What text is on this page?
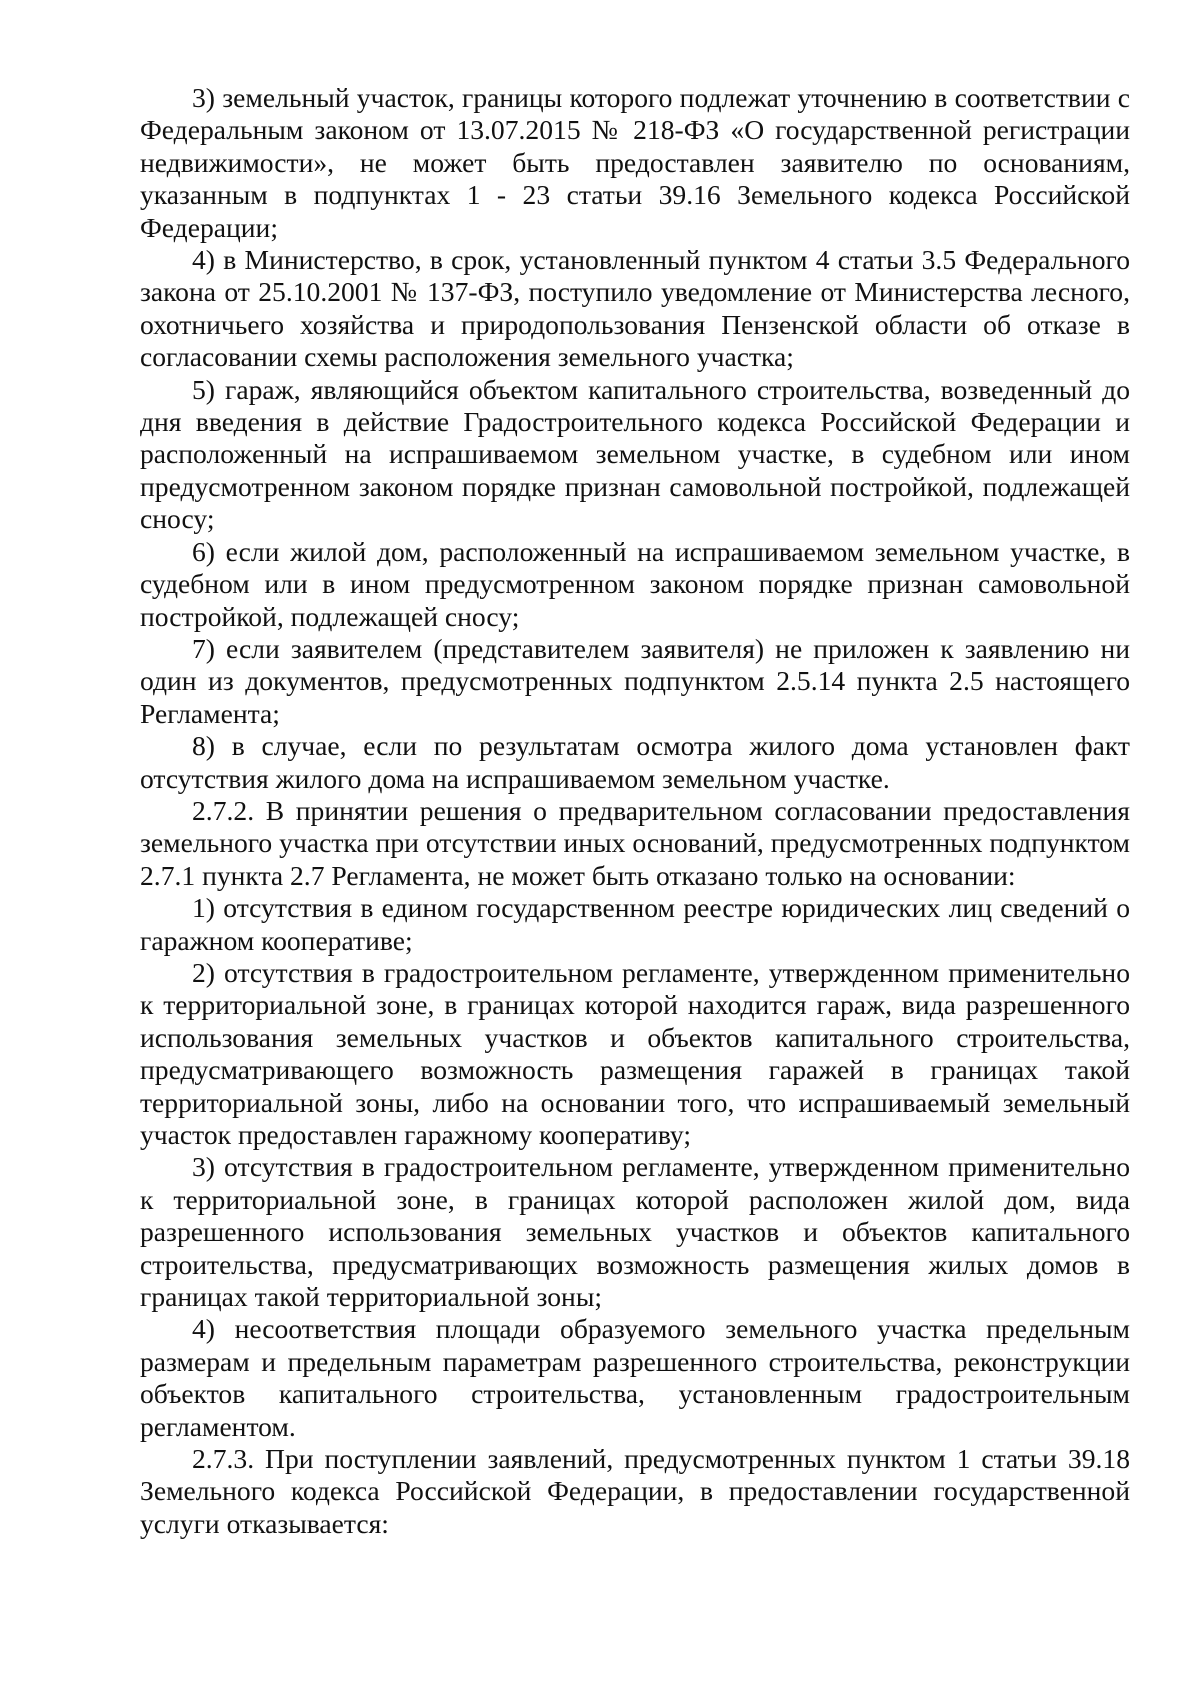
3) земельный участок, границы которого подлежат уточнению в соответствии с Федеральным законом от 13.07.2015 № 218-ФЗ «О государственной регистрации недвижимости», не может быть предоставлен заявителю по основаниям, указанным в подпунктах 1 - 23 статьи 39.16 Земельного кодекса Российской Федерации;

4) в Министерство, в срок, установленный пунктом 4 статьи 3.5 Федерального закона от 25.10.2001 № 137-ФЗ, поступило уведомление от Министерства лесного, охотничьего хозяйства и природопользования Пензенской области об отказе в согласовании схемы расположения земельного участка;

5) гараж, являющийся объектом капитального строительства, возведенный до дня введения в действие Градостроительного кодекса Российской Федерации и расположенный на испрашиваемом земельном участке, в судебном или ином предусмотренном законом порядке признан самовольной постройкой, подлежащей сносу;

6) если жилой дом, расположенный на испрашиваемом земельном участке, в судебном или в ином предусмотренном законом порядке признан самовольной постройкой, подлежащей сносу;

7) если заявителем (представителем заявителя) не приложен к заявлению ни один из документов, предусмотренных подпунктом 2.5.14 пункта 2.5 настоящего Регламента;

8) в случае, если по результатам осмотра жилого дома установлен факт отсутствия жилого дома на испрашиваемом земельном участке.

2.7.2. В принятии решения о предварительном согласовании предоставления земельного участка при отсутствии иных оснований, предусмотренных подпунктом 2.7.1 пункта 2.7 Регламента, не может быть отказано только на основании:

1) отсутствия в едином государственном реестре юридических лиц сведений о гаражном кооперативе;

2) отсутствия в градостроительном регламенте, утвержденном применительно к территориальной зоне, в границах которой находится гараж, вида разрешенного использования земельных участков и объектов капитального строительства, предусматривающего возможность размещения гаражей в границах такой территориальной зоны, либо на основании того, что испрашиваемый земельный участок предоставлен гаражному кооперативу;

3) отсутствия в градостроительном регламенте, утвержденном применительно к территориальной зоне, в границах которой расположен жилой дом, вида разрешенного использования земельных участков и объектов капитального строительства, предусматривающих возможность размещения жилых домов в границах такой территориальной зоны;

4) несоответствия площади образуемого земельного участка предельным размерам и предельным параметрам разрешенного строительства, реконструкции объектов капитального строительства, установленным градостроительным регламентом.

2.7.3. При поступлении заявлений, предусмотренных пунктом 1 статьи 39.18 Земельного кодекса Российской Федерации, в предоставлении государственной услуги отказывается:
